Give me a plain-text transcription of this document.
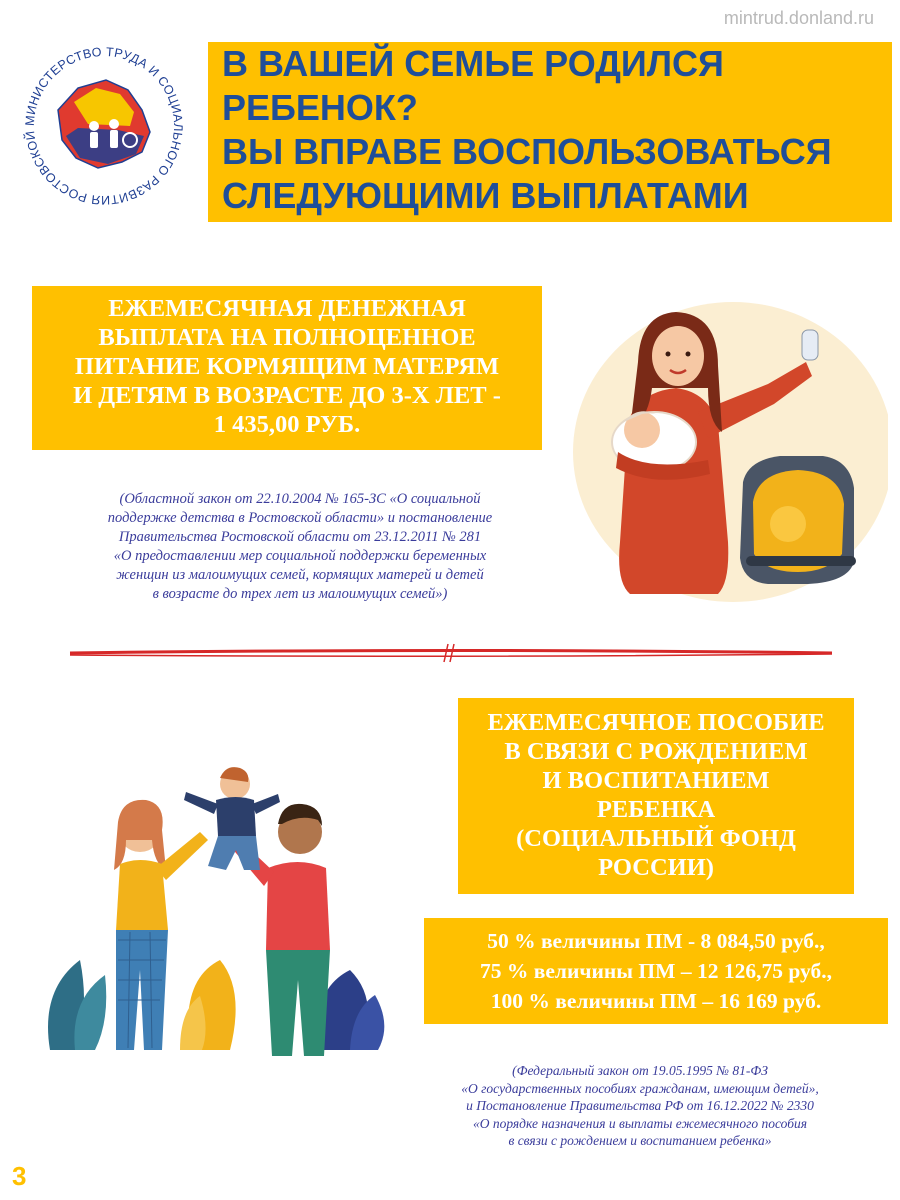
mintrud.donland.ru
МИНИСТЕРСТВО ТРУДА И СОЦИАЛЬНОГО РАЗВИТИЯ РОСТОВСКОЙ
В ВАШЕЙ СЕМЬЕ РОДИЛСЯ
РЕБЕНОК?
ВЫ ВПРАВЕ ВОСПОЛЬЗОВАТЬСЯ
СЛЕДУЮЩИМИ ВЫПЛАТАМИ
ЕЖЕМЕСЯЧНАЯ ДЕНЕЖНАЯ
ВЫПЛАТА НА ПОЛНОЦЕННОЕ
ПИТАНИЕ КОРМЯЩИМ МАТЕРЯМ
И ДЕТЯМ В ВОЗРАСТЕ ДО 3-Х ЛЕТ -
1 435,00 РУБ.
(Областной закон от 22.10.2004 № 165-ЗС «О социальной
поддержке детства в Ростовской области» и постановление
Правительства Ростовской области от 23.12.2011 № 281
«О предоставлении мер социальной поддержки беременных
женщин из малоимущих семей, кормящих матерей и детей
в возрасте до трех лет из малоимущих семей»)
ЕЖЕМЕСЯЧНОЕ ПОСОБИЕ
В СВЯЗИ С РОЖДЕНИЕМ
И ВОСПИТАНИЕМ
РЕБЕНКА
(СОЦИАЛЬНЫЙ ФОНД
РОССИИ)
50 % величины ПМ - 8 084,50 руб.,
75 % величины ПМ – 12 126,75 руб.,
100 % величины ПМ – 16 169 руб.
(Федеральный закон от 19.05.1995 № 81-ФЗ
«О государственных пособиях гражданам, имеющим детей»,
и Постановление Правительства РФ от 16.12.2022 № 2330
«О порядке назначения и выплаты ежемесячного пособия
в связи с рождением и воспитанием ребенка»
3
